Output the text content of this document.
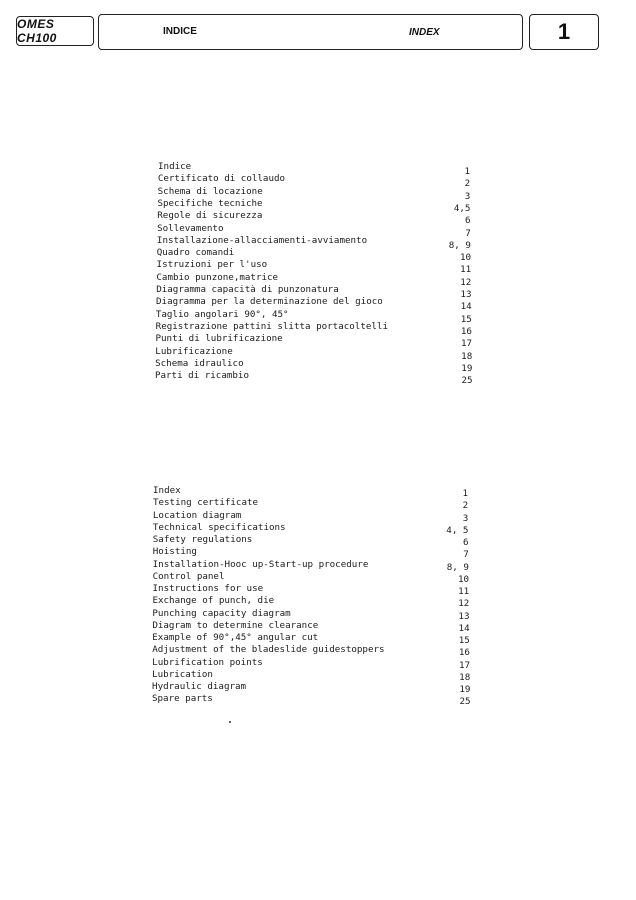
OMES CH100	INDICE	INDEX	1
Indice	1
Certificato di collaudo	2
Schema di locazione	3
Specifiche tecniche	4,5
Regole di sicurezza	6
Sollevamento	7
Installazione-allacciamenti-avviamento	8, 9
Quadro comandi	10
Istruzioni per l'uso	11
Cambio punzone,matrice	12
Diagramma capacità di punzonatura	13
Diagramma per la determinazione del gioco	14
Taglio angolari 90°, 45°	15
Registrazione pattini slitta portacoltelli	16
Punti di lubrificazione	17
Lubrificazione	18
Schema idraulico	19
Parti di ricambio	25
Index	1
Testing certificate	2
Location diagram	3
Technical specifications	4, 5
Safety regulations	6
Hoisting	7
Installation-Hooc up-Start-up procedure	8, 9
Control panel	10
Instructions for use	11
Exchange of punch, die	12
Punching capacity diagram	13
Diagram to determine clearance	14
Example of 90°,45° angular cut	15
Adjustment of the bladeslide guidestoppers	16
Lubrification points	17
Lubrication	18
Hydraulic diagram	19
Spare parts	25
